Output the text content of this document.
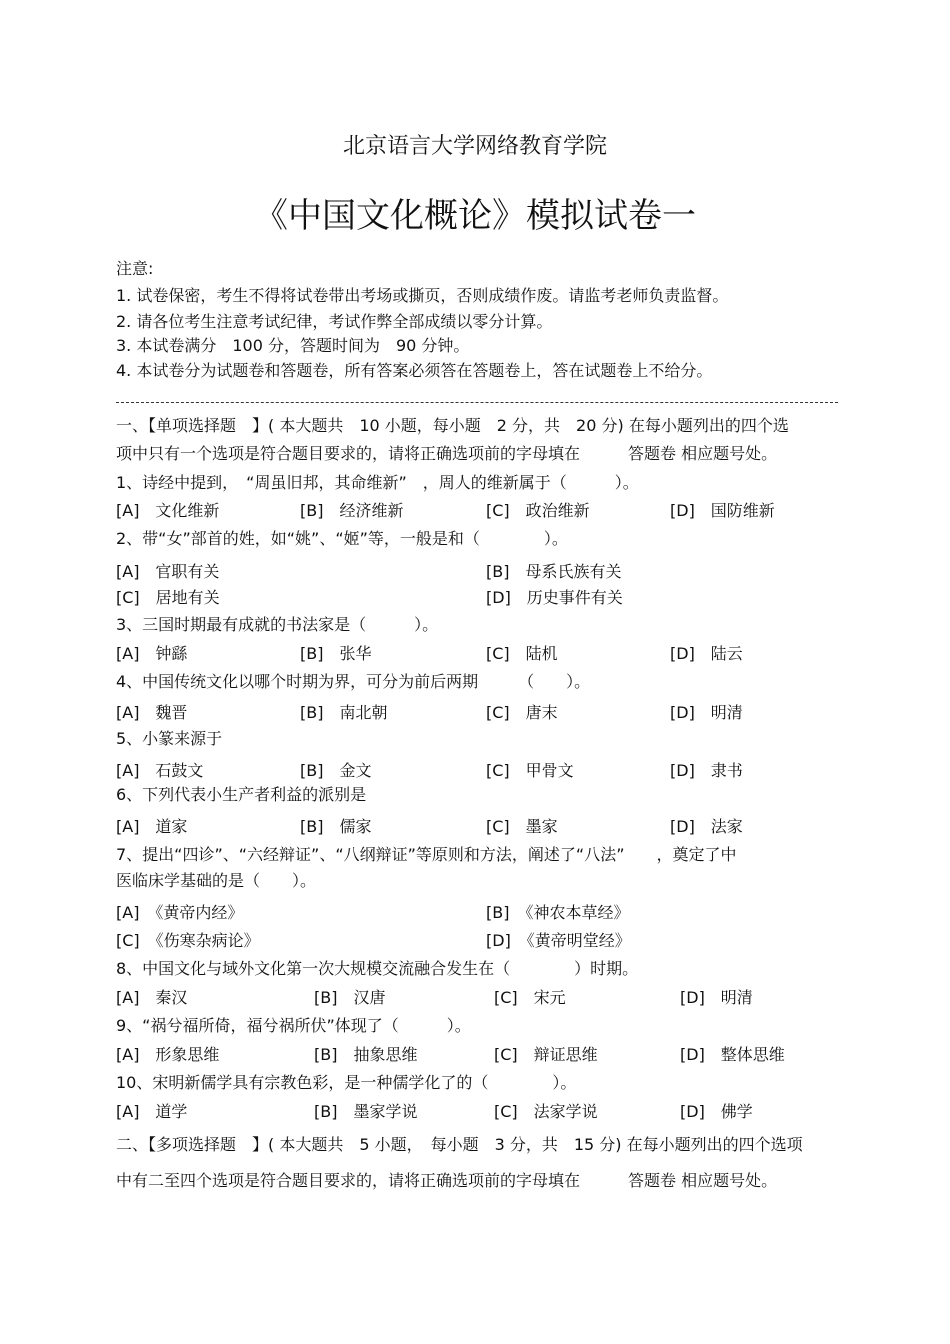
北京语言大学网络教育学院
《中国文化概论》模拟试卷一
注意:
1. 试卷保密，考生不得将试卷带出考场或撕页，否则成绩作废。请监考老师负责监督。
2. 请各位考生注意考试纪律，考试作弊全部成绩以零分计算。
3. 本试卷满分　100 分，答题时间为　90 分钟。
4. 本试卷分为试题卷和答题卷，所有答案必须答在答题卷上，答在试题卷上不给分。
一、【单项选择题　】( 本大题共　10 小题，每小题　2 分，共　20 分) 在每小题列出的四个选
项中只有一个选项是符合题目要求的，请将正确选项前的字母填在　　　答题卷 相应题号处。
1、诗经中提到，　“周虽旧邦，其命维新”　，周人的维新属于（　　　）。
[A]　文化维新	[B]　经济维新	[C]　政治维新	[D]　国防维新
2、带“女”部首的姓，如“姚”、“姬”等，一般是和（　　　　）。
[A]　官职有关	[B]　母系氏族有关
[C]　居地有关	[D]　历史事件有关
3、三国时期最有成就的书法家是（　　　）。
[A]　钟繇	[B]　张华	[C]　陆机	[D]　陆云
4、中国传统文化以哪个时期为界，可分为前后两期　　　（　　）。
[A]　魏晋	[B]　南北朝	[C]　唐末	[D]　明清
5、小篆来源于
[A]　石鼓文	[B]　金文	[C]　甲骨文	[D]　隶书
6、下列代表小生产者利益的派别是
[A]　道家	[B]　儒家	[C]　墨家	[D]　法家
7、提出“四诊”、“六经辩证”、“八纲辩证”等原则和方法，阐述了“八法”　　，奠定了中
医临床学基础的是（　　）。
[A]　《黄帝内经》	[B]　《神农本草经》
[C]　《伤寒杂病论》	[D]　《黄帝明堂经》
8、中国文化与域外文化第一次大规模交流融合发生在（　　　　）时期。
[A]　秦汉	[B]　汉唐	[C]　宋元	[D]　明清
9、“祸兮福所倚，福兮祸所伏”体现了（　　　）。
[A]　形象思维	[B]　抽象思维	[C]　辩证思维	[D]　整体思维
10、宋明新儒学具有宗教色彩，是一种儒学化了的（　　　　）。
[A]　道学	[B]　墨家学说	[C]　法家学说	[D]　佛学
二、【多项选择题　】( 本大题共　5 小题，　每小题　3 分，共　15 分) 在每小题列出的四个选项
中有二至四个选项是符合题目要求的，请将正确选项前的字母填在　　　答题卷 相应题号处。
